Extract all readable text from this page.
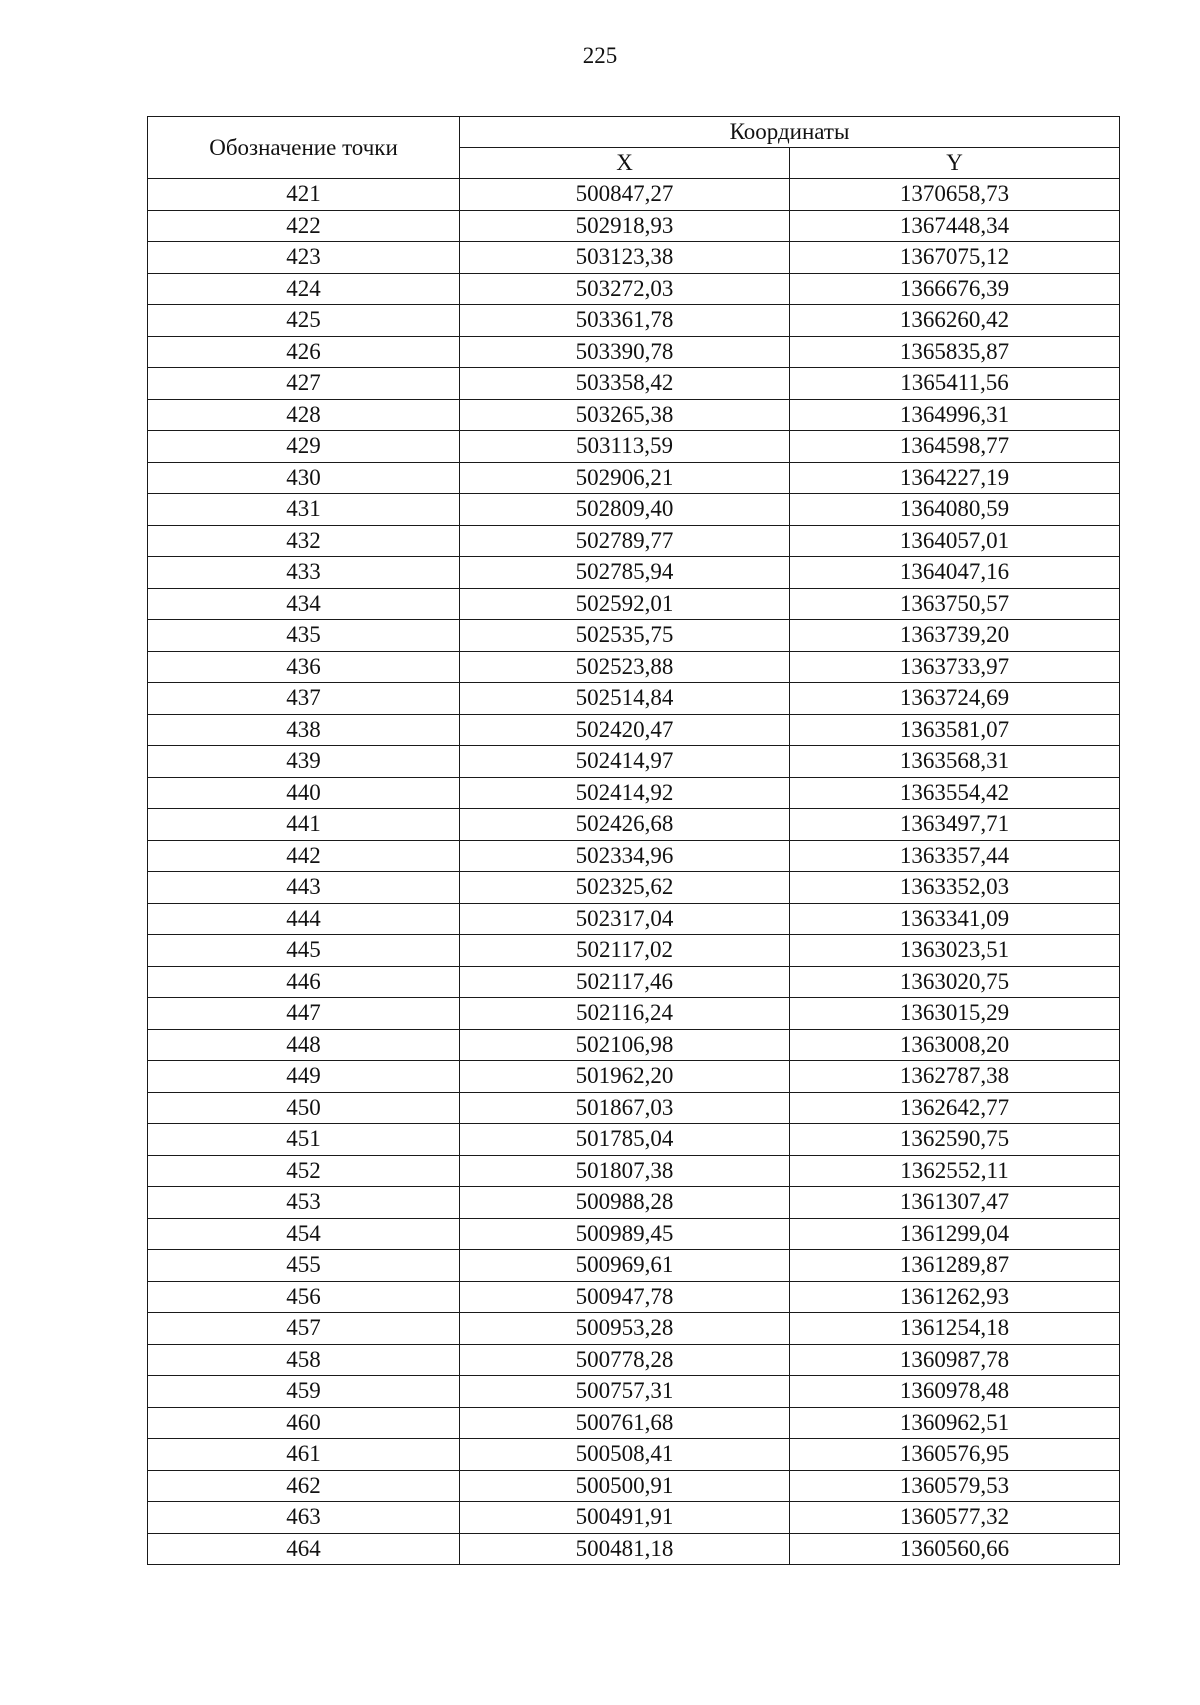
225
Обозначение точки	Координаты	
	X	Y
421	500847,27	1370658,73
422	502918,93	1367448,34
423	503123,38	1367075,12
424	503272,03	1366676,39
425	503361,78	1366260,42
426	503390,78	1365835,87
427	503358,42	1365411,56
428	503265,38	1364996,31
429	503113,59	1364598,77
430	502906,21	1364227,19
431	502809,40	1364080,59
432	502789,77	1364057,01
433	502785,94	1364047,16
434	502592,01	1363750,57
435	502535,75	1363739,20
436	502523,88	1363733,97
437	502514,84	1363724,69
438	502420,47	1363581,07
439	502414,97	1363568,31
440	502414,92	1363554,42
441	502426,68	1363497,71
442	502334,96	1363357,44
443	502325,62	1363352,03
444	502317,04	1363341,09
445	502117,02	1363023,51
446	502117,46	1363020,75
447	502116,24	1363015,29
448	502106,98	1363008,20
449	501962,20	1362787,38
450	501867,03	1362642,77
451	501785,04	1362590,75
452	501807,38	1362552,11
453	500988,28	1361307,47
454	500989,45	1361299,04
455	500969,61	1361289,87
456	500947,78	1361262,93
457	500953,28	1361254,18
458	500778,28	1360987,78
459	500757,31	1360978,48
460	500761,68	1360962,51
461	500508,41	1360576,95
462	500500,91	1360579,53
463	500491,91	1360577,32
464	500481,18	1360560,66
